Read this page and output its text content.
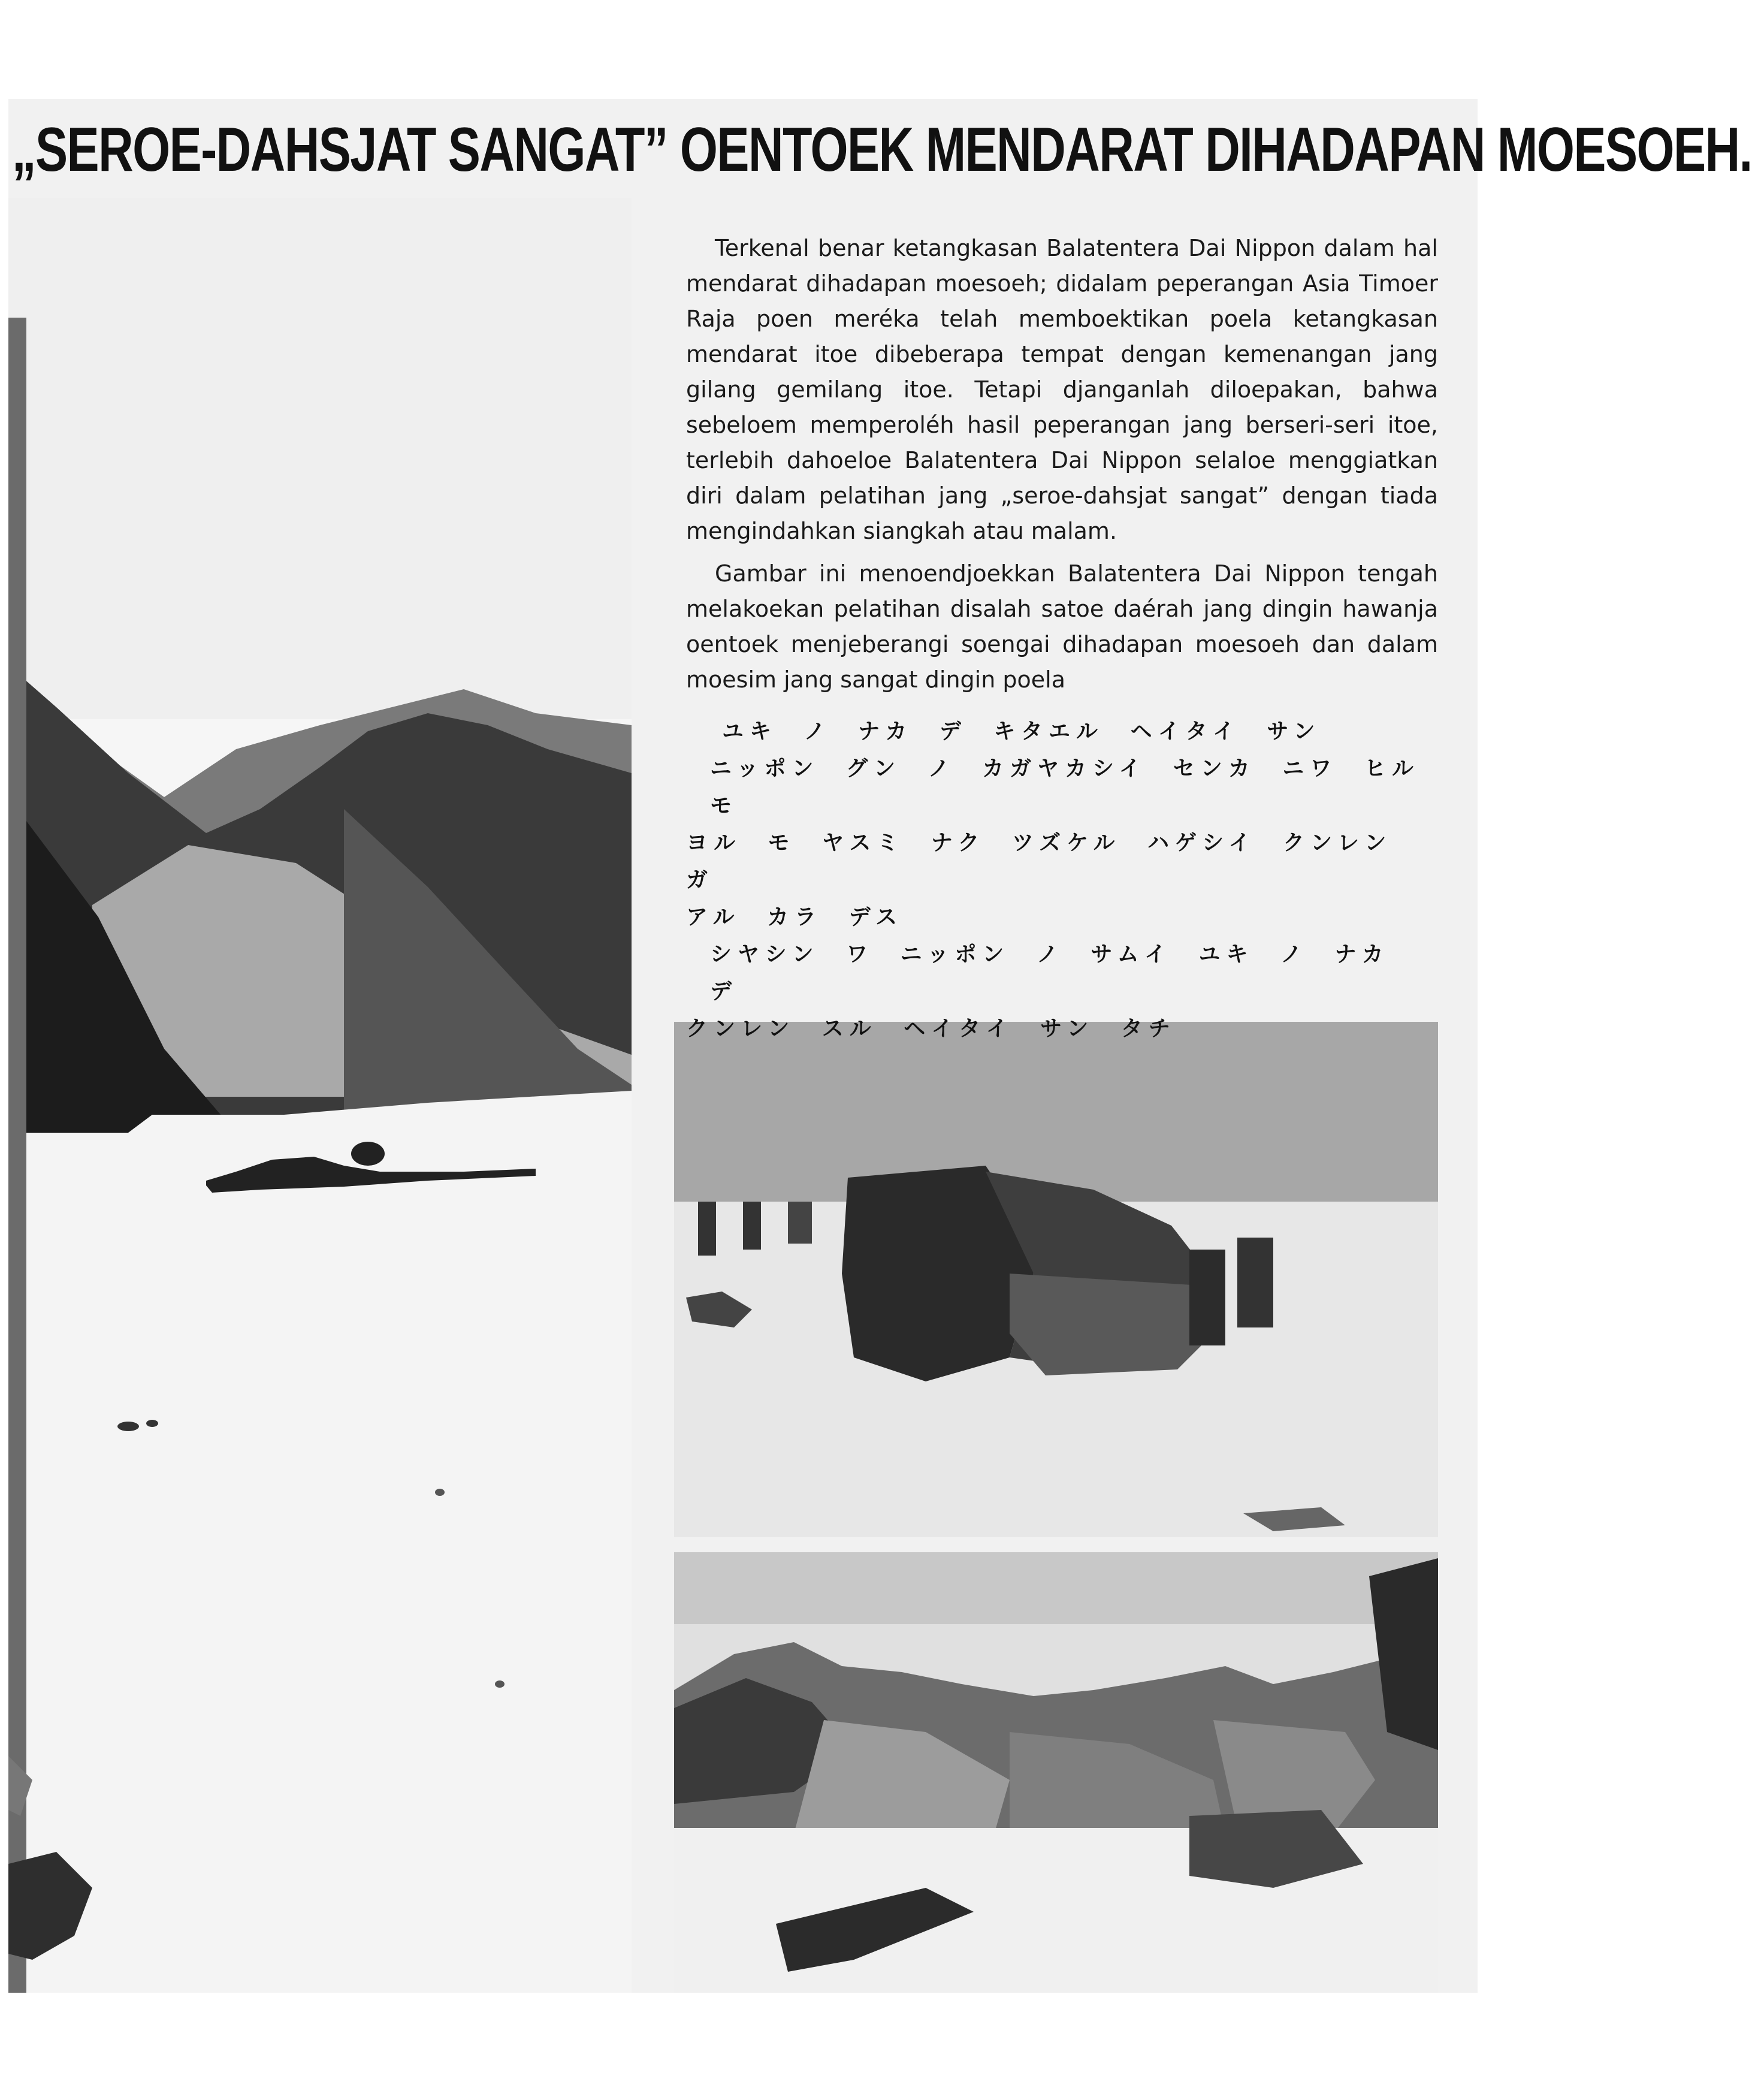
„SEROE-DAHSJAT SANGAT” OENTOEK MENDARAT DIHADAPAN MOESOEH.

Terkenal benar ketangkasan Balatentera Dai Nippon dalam hal mendarat dihadapan moesoeh; didalam peperangan Asia Timoer Raja poen meréka telah memboektikan poela ketangkasan mendarat itoe dibeberapa tempat dengan kemenangan jang gilang gemilang itoe. Tetapi djanganlah diloepakan, bahwa sebeloem memperoléh hasil peperangan jang berseri-seri itoe, terlebih dahoeloe Balatentera Dai Nippon selaloe menggiatkan diri dalam pelatihan jang „seroe-dahsjat sangat” dengan tiada mengindahkan siangkah atau malam.

Gambar ini menoendjoekkan Balatentera Dai Nippon tengah melakoekan pelatihan disalah satoe daérah jang dingin hawanja oentoek menjeberangi soengai dihadapan moesoeh dan dalam moesim jang sangat dingin poela

ユキ ノ ナカ デ キタエル ヘイタイ サン
ニッポン グン ノ カガヤカシイ センカ ニワ ヒル モ
ヨル モ ヤスミ ナク ツズケル ハゲシイ クンレン ガ
アル カラ デス
シヤシン ワ ニッポン ノ サムイ ユキ ノ ナカ デ
クンレン スル ヘイタイ サン タチ
